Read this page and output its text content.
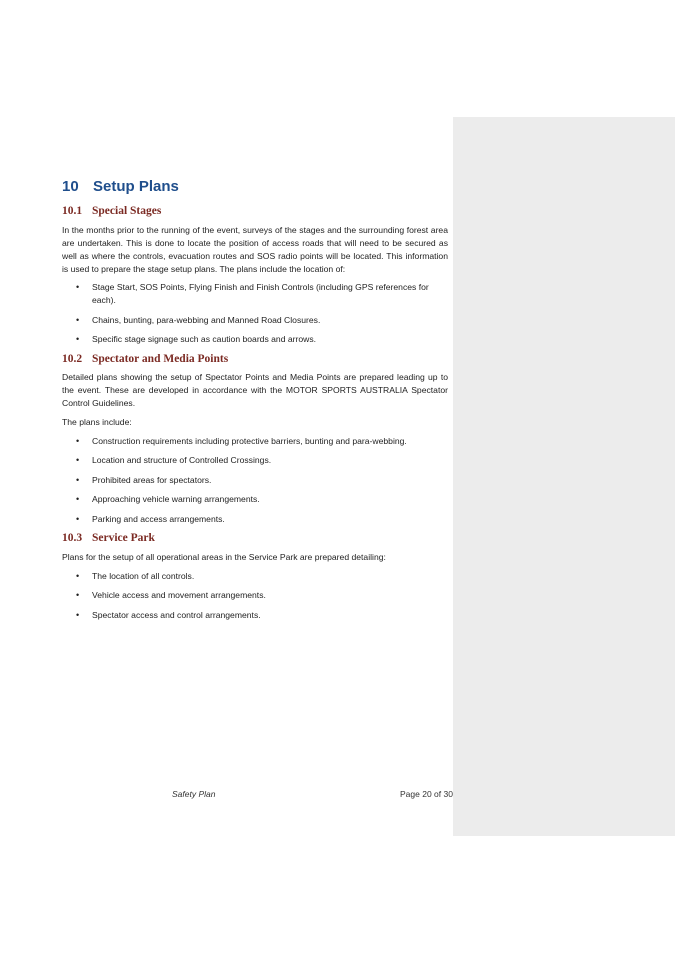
10 Setup Plans
10.1 Special Stages

In the months prior to the running of the event, surveys of the stages and the surrounding forest area are undertaken. This is done to locate the position of access roads that will need to be secured as well as where the controls, evacuation routes and SOS radio points will be located. This information is used to prepare the stage setup plans. The plans include the location of:

• Stage Start, SOS Points, Flying Finish and Finish Controls (including GPS references for each).
• Chains, bunting, para-webbing and Manned Road Closures.
• Specific stage signage such as caution boards and arrows.
10.2 Spectator and Media Points

Detailed plans showing the setup of Spectator Points and Media Points are prepared leading up to the event. These are developed in accordance with the MOTOR SPORTS AUSTRALIA Spectator Control Guidelines.

The plans include:

• Construction requirements including protective barriers, bunting and para-webbing.
• Location and structure of Controlled Crossings.
• Prohibited areas for spectators.
• Approaching vehicle warning arrangements.
• Parking and access arrangements.
10.3 Service Park

Plans for the setup of all operational areas in the Service Park are prepared detailing:

• The location of all controls.
• Vehicle access and movement arrangements.
• Spectator access and control arrangements.
Safety Plan	Page 20 of 30
